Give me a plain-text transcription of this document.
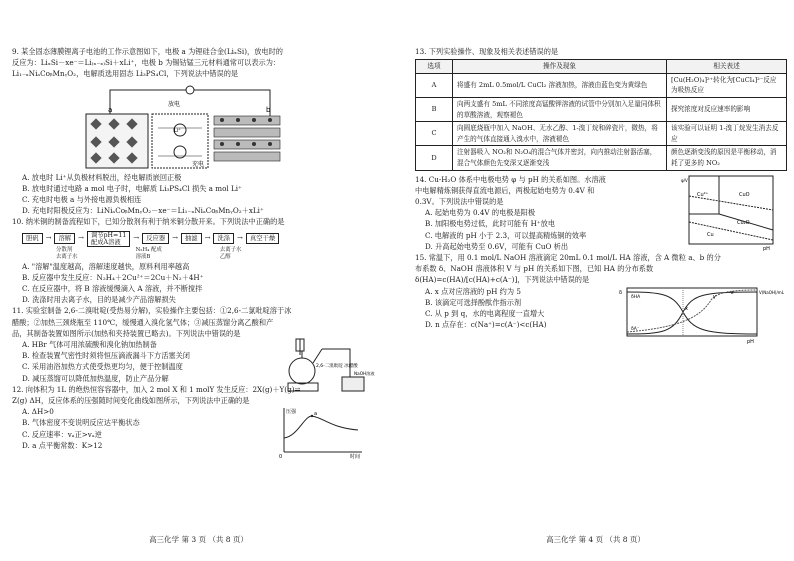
9. 某全固态薄膜锂离子电池的工作示意图如下，电极 a 为锂硅合金(LiₓSi)，放电时的

反应为：LiₓSi－xe⁻＝Li₍ₓ₋ₓ₎Si＋xLi⁺，电极 b 为锡钴锰三元材料通常可以表示为：

Li₁₋ₓNiₐCoᵦMnᵧO₂，电解质选用固态 Li₃PS₄Cl，下列说法中错误的是

a	b
放电
充电
Li⁺

A. 放电时 Li⁺从负极材料脱出，经电解质嵌回正极

B. 放电时通过电路 a mol 电子时，电解质 Li₃PS₄Cl 损失 a mol Li⁺

C. 充电时电极 a 与外接电源负极相连

D. 充电时阳极反应为：LiNiₐCoᵦMnᵧO₂－xe⁻＝Li₁₋ₓNiₐCoᵦMnᵧO₂＋xLi⁺

10. 纳米铜的制备流程如下，已知分散剂有利于纳米铜分散开来。下列说法中正确的是

胆矾	→	溶解	→	调节pH=11
配成A溶液
→	反应器	→	抽滤	→	洗涤	→	真空干燥
分散剂
去离子水
N₂H₄ 配成
溶液B
去离子水
乙醇

A. "溶解"温度越高，溶解速度越快，原料利用率越高

B. 反应器中发生反应：N₂H₄＋2Cu²⁺＝2Cu＋N₂＋4H⁺

C. 在反应器中，将 B 溶液缓慢滴入 A 溶液，并不断搅拌

D. 洗涤时用去离子水，目的是减少产品溶解损失

11. 实验室制备 2,6-二溴吡啶(受热易分解)，实验操作主要包括：①2,6-二氯吡啶溶于冰

醋酸；②加热三颈烧瓶至 110℃，缓慢通入溴化氢气体；③减压蒸馏分离乙酸和产

品，其制备装置如图所示(加热和夹持装置已略去)。下列说法中错误的是

A. HBr 气体可用浓硫酸和溴化钠加热制备

B. 检查装置气密性时须将恒压滴液漏斗下方活塞关闭

C. 采用油浴加热方式使受热更均匀，便于控制温度

D. 减压蒸馏可以降低加热温度，防止产品分解

2,6-二溴吡啶 冰醋酸
NaOH溶液

12. 向体积为 1L 的绝热恒容容器中，加入 2 mol X 和 1 molY 发生反应：2X(g)＋Y(g)⇌

Z(g) ΔH，反应体系的压强随时间变化曲线如图所示，下列说法中正确的是

A. ΔH>0

B. 气体密度不变说明反应达平衡状态

C. 反应速率：vₐ正>vₐ逆

D. a 点平衡常数：K>12

压强
时间
a
0
高三化学 第 3 页 （共 8 页）

13. 下列实验操作、现象及相关表述错误的是

选项	操作及现象	相关表述
A	将盛有 2mL 0.5mol/L CuCl₂ 溶液加热，溶液由蓝色变为黄绿色	[Cu(H₂O)₄]²⁺转化为[CuCl₄]²⁻反应为吸热反应
B	向两支盛有 5mL 不同浓度高锰酸钾溶液的试管中分别加入足量同体积的草酸溶液，观察褪色	探究浓度对反应速率的影响
C	向圆底烧瓶中加入 NaOH、无水乙醇、1-溴丁烷和碎瓷片，微热，将产生的气体直接通入溴水中，溶液褪色	该实验可以证明 1-溴丁烷发生消去反应
D	注射器吸入 NO₂和 N₂O₄的混合气体并密封，向内推动注射器活塞，混合气体颜色先变深又逐渐变浅	颜色逐渐变浅的原因是平衡移动，消耗了更多的 NO₂

14. Cu-H₂O 体系中电极电势 φ 与 pH 的关系如图。水溶液

中电解精炼铜获得直流电源后，两极起始电势为 0.4V 和

0.3V。下列说法中错误的是

A. 起始电势为 0.4V 的电极是阳极

B. 加阳极电势过低，此时可能有 H⁺放电

C. 电解液的 pH 小于 2.3，可以提高精炼铜的效率

D. 升高起始电势至 0.6V，可能有 CuO 析出

Cu²⁺	CuO
Cu₂O
Cu
pH
φ/V

15. 常温下，用 0.1 mol/L NaOH 溶液滴定 20mL 0.1 mol/L HA 溶液，含 A 微粒 a、b 的分

布系数 δ、NaOH 溶液体积 V 与 pH 的关系如下图，已知 HA 的分布系数

δ(HA)=c(HA)/[c(HA)+c(A⁻)]，下列说法中错误的是

A. x 点对应溶液的 pH 约为 5

B. 该滴定可选择酚酞作指示剂

C. 从 p 到 q，水的电离程度一直增大

D. n 点存在：c(Na⁺)=c(A⁻)<c(HA)

δ	V(NaOH)/mL
x
y
z
pH
δHA
δA⁻
高三化学 第 4 页 （共 8 页）
